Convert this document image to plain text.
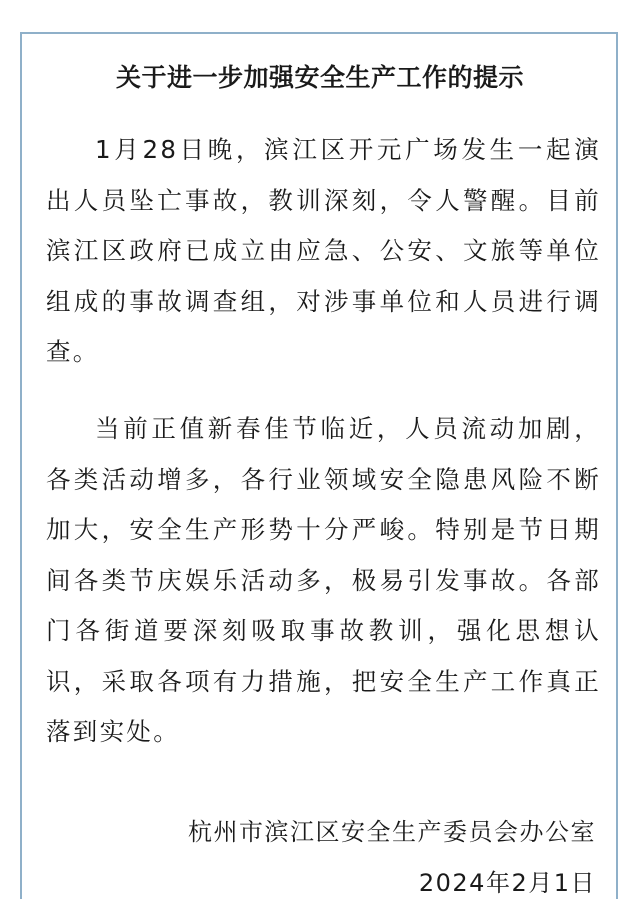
关于进一步加强安全生产工作的提示

1月28日晚，滨江区开元广场发生一起演出人员坠亡事故，教训深刻，令人警醒。目前滨江区政府已成立由应急、公安、文旅等单位组成的事故调查组，对涉事单位和人员进行调查。

当前正值新春佳节临近，人员流动加剧，各类活动增多，各行业领域安全隐患风险不断加大，安全生产形势十分严峻。特别是节日期间各类节庆娱乐活动多，极易引发事故。各部门各街道要深刻吸取事故教训，强化思想认识，采取各项有力措施，把安全生产工作真正落到实处。

杭州市滨江区安全生产委员会办公室
2024年2月1日
